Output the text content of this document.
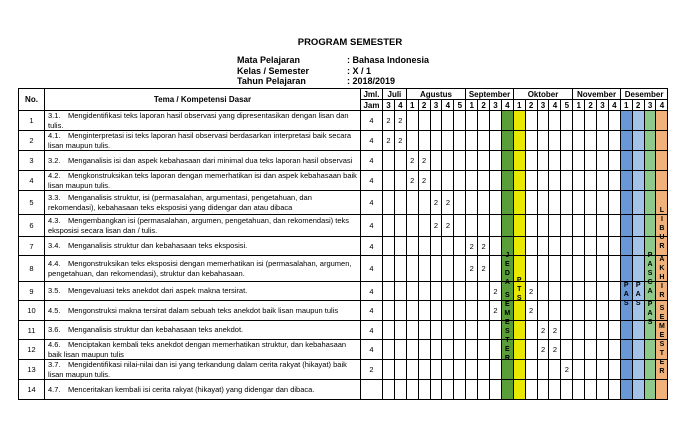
PROGRAM SEMESTER
Mata Pelajaran	: Bahasa Indonesia
Kelas / Semester	: X / 1
Tahun Pelajaran	: 2018/2019
No.	Tema / Kompetensi Dasar	Jml.	Juli		Agustus					September				Oktober					November				Desember			
		Jam	3	4	1	2	3	4	5	1	2	3	4	1	2	3	4	5	1	2	3	4	1	2	3	4
1	3.1. Mengidentifikasi teks laporan hasil observasi yang dipresentasikan dengan lisan dan tulis.	4	2	2																						
2	4.1. Menginterpretasi isi teks laporan hasil observasi berdasarkan interpretasi baik secara lisan maupun tulis.	4	2	2																						
3	3.2. Menganalisis isi dan aspek kebahasaan dari minimal dua teks laporan hasil observasi	4			2	2																				
4	4.2. Mengkonstruksikan teks laporan dengan memerhatikan isi dan aspek kebahasaan baik lisan maupun tulis.	4			2	2																				
5	3.3. Menganalisis struktur, isi (permasalahan, argumentasi, pengetahuan, dan rekomendasi), kebahasaan teks eksposisi yang didengar dan atau dibaca	4					2	2																		
6	4.3. Mengembangkan isi (permasalahan, argumen, pengetahuan, dan rekomendasi) teks eksposisi secara lisan dan / tulis.	4					2	2																		
7	3.4. Menganalisis struktur dan kebahasaan teks eksposisi.	4								2	2															
8	4.4. Mengonstruksikan teks eksposisi dengan memerhatikan isi (permasalahan, argumen, pengetahuan, dan rekomendasi), struktur dan kebahasaan.	4								2	2															
9	3.5. Mengevaluasi teks anekdot dari aspek makna tersirat.	4										2			2											
10	4.5. Mengonstruksi makna tersirat dalam sebuah teks anekdot baik lisan maupun tulis	4										2			2											
11	3.6. Menganalisis struktur dan kebahasaan teks anekdot.	4														2	2									
12	4.6. Menciptakan kembali teks anekdot dengan memerhatikan struktur, dan kebahasaan baik lisan maupun tulis	4														2	2									
13	3.7. Mengidentifikasi nilai-nilai dan isi yang terkandung dalam cerita rakyat (hikayat) baik lisan maupun tulis.	2																2								
14	4.7. Menceritakan kembali isi cerita rakyat (hikayat) yang didengar dan dibaca.																									
J
E
D
A

S
E
M
E
S
T
E
R
P
T
S
P
A
S
P
A
S
P
A
S
C
A

P
A
S
L
I
B
U
R

A
K
H
I
R

S
E
M
E
S
T
E
R
